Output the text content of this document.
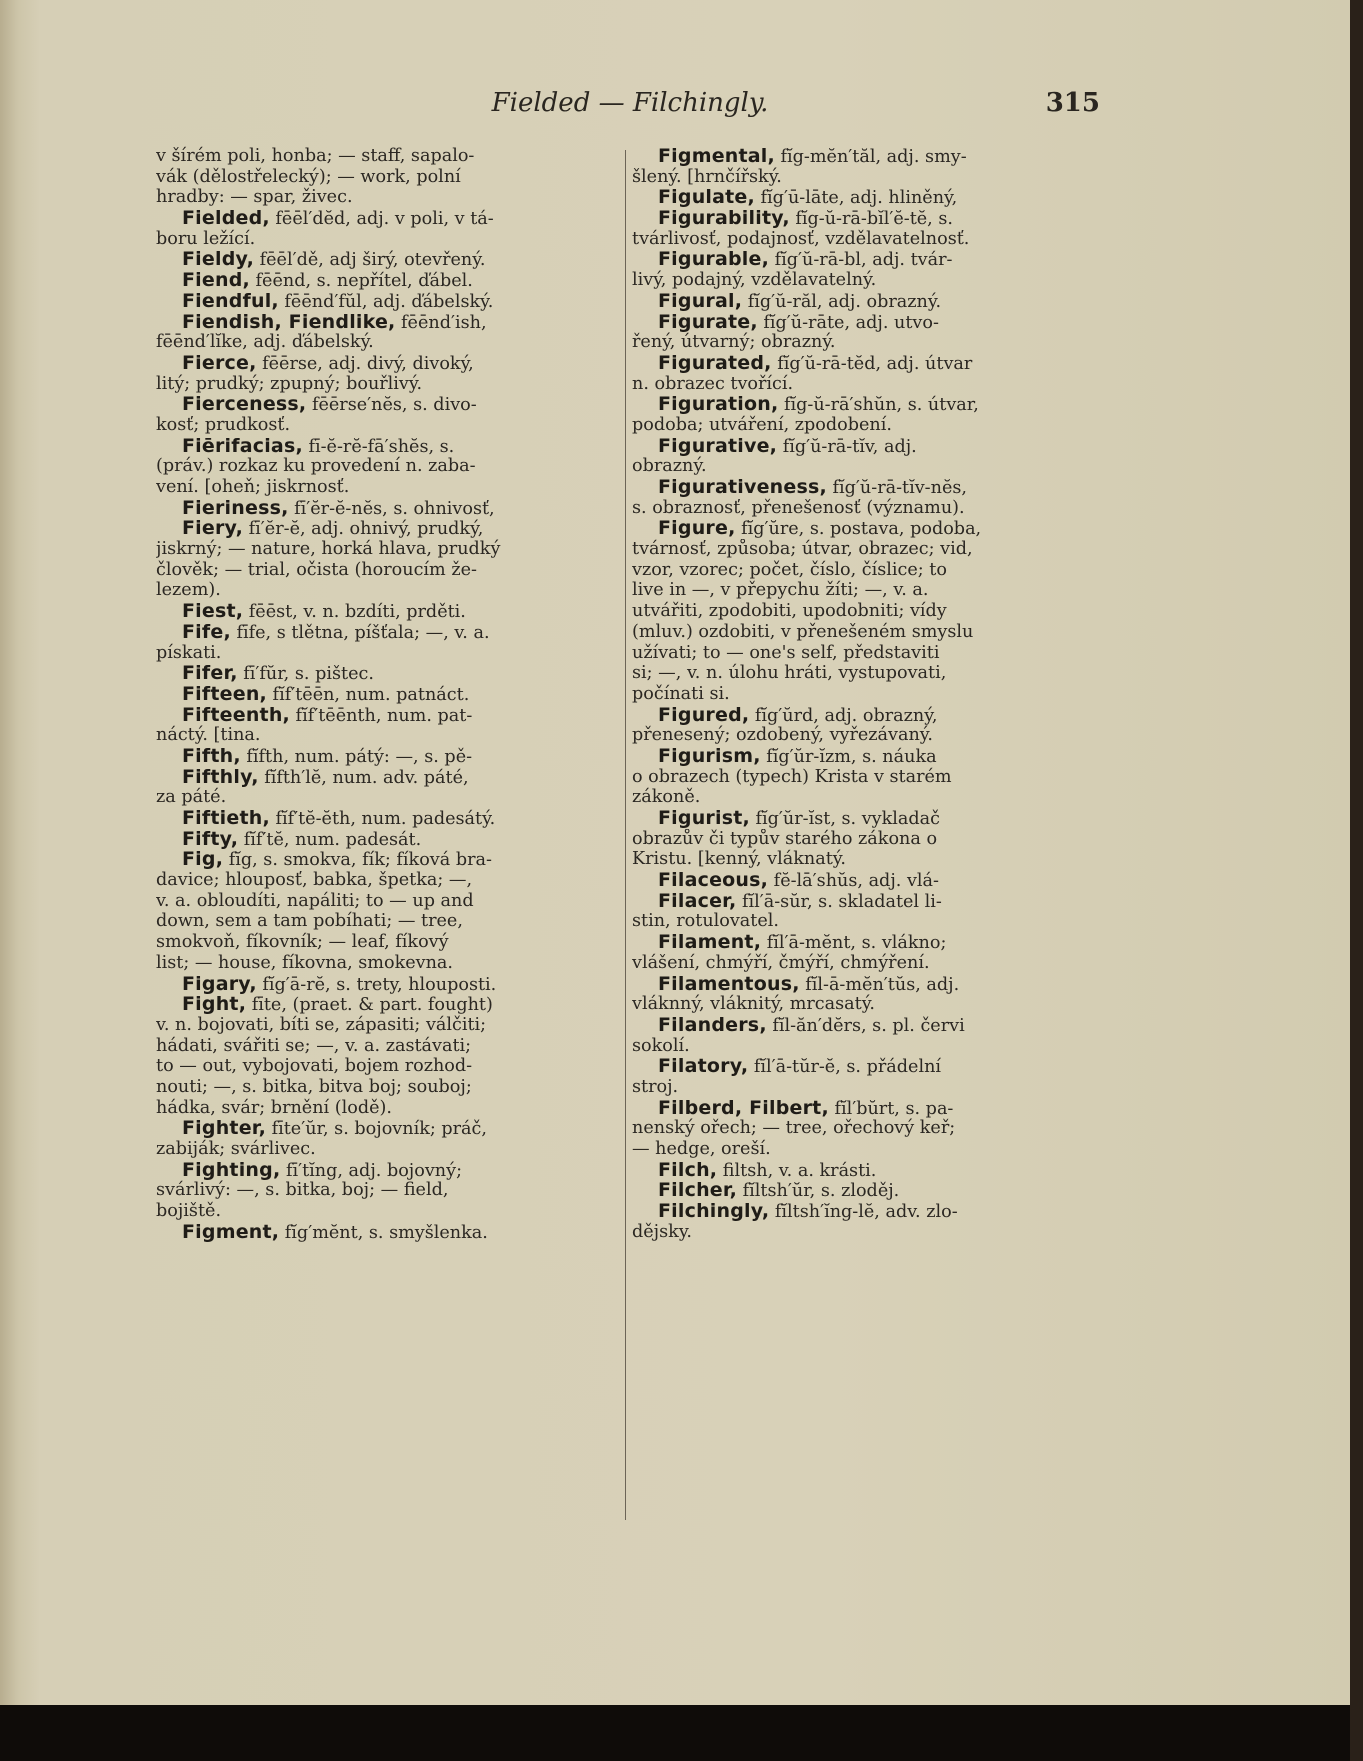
Fielded — Filchingly.	315
v šírém poli, honba; — staff, sapalo-
vák (dělostřelecký); — work, polní
hradby: — spar, živec.
Fielded, fēēl′dĕd, adj. v poli, v tá-
boru ležící.
Fieldy, fēēl′dě, adj širý, otevřený.
Fiend, fēēnd, s. nepřítel, ďábel.
Fiendful, fēēnd′fŭl, adj. ďábelský.
Fiendish, Fiendlike, fēēnd′ish,
fēēnd′lĭke, adj. ďábelský.
Fierce, fēērse, adj. divý, divoký,
litý; prudký; zpupný; bouřlivý.
Fierceness, fēērse′nĕs, s. divo-
kosť; prudkosť.
Fiērifacias, fī-ĕ-rĕ-fā′shĕs, s.
(práv.) rozkaz ku provedení n. zaba-
vení. [oheň; jiskrnosť.
Fieriness, fī′ĕr-ĕ-nĕs, s. ohnivosť,
Fiery, fī′ĕr-ĕ, adj. ohnivý, prudký,
jiskrný; — nature, horká hlava, prudký
člověk; — trial, očista (horoucím že-
lezem).
Fiest, fēēst, v. n. bzdíti, prděti.
Fife, fīfe, s tlětna, píšťala; —, v. a.
pískati.
Fifer, fī′fŭr, s. pištec.
Fifteen, fĭf′tēēn, num. patnáct.
Fifteenth, fĭf′tēēnth, num. pat-
náctý. [tina.
Fifth, fĭfth, num. pátý: —, s. pě-
Fifthly, fĭfth′lĕ, num. adv. páté,
za páté.
Fiftieth, fĭf′tĕ-ĕth, num. padesátý.
Fifty, fĭf′tĕ, num. padesát.
Fig, fĭg, s. smokva, fík; fíková bra-
davice; hlouposť, babka, špetka; —,
v. a. obloudíti, napáliti; to — up and
down, sem a tam pobíhati; — tree,
smokvoň, fíkovník; — leaf, fíkový
list; — house, fíkovna, smokevna.
Figary, fĭg′ā-rĕ, s. trety, hlouposti.
Fight, fīte, (praet. & part. fought)
v. n. bojovati, bíti se, zápasiti; válčiti;
hádati, svářiti se; —, v. a. zastávati;
to — out, vybojovati, bojem rozhod-
nouti; —, s. bitka, bitva boj; souboj;
hádka, svár; brnění (lodě).
Fighter, fīte′ŭr, s. bojovník; práč,
zabiják; svárlivec.
Fighting, fī′tĭng, adj. bojovný;
svárlivý: —, s. bitka, boj; — field,
bojiště.
Figment, fĭg′mĕnt, s. smyšlenka.
Figmental, fĭg-mĕn′tăl, adj. smy-
šlený. [hrnčířský.
Figulate, fĭg′ū-lāte, adj. hliněný,
Figurability, fĭg-ŭ-rā-bĭl′ĕ-tĕ, s.
tvárlivosť, podajnosť, vzdělavatelnosť.
Figurable, fĭg′ŭ-rā-bl, adj. tvár-
livý, podajný, vzdělavatelný.
Figural, fĭg′ŭ-răl, adj. obrazný.
Figurate, fĭg′ŭ-rāte, adj. utvo-
řený, útvarný; obrazný.
Figurated, fĭg′ŭ-rā-tĕd, adj. útvar
n. obrazec tvořící.
Figuration, fĭg-ŭ-rā′shŭn, s. útvar,
podoba; utváření, zpodobení.
Figurative, fĭg′ŭ-rā-tĭv, adj.
obrazný.
Figurativeness, fĭg′ŭ-rā-tĭv-nĕs,
s. obraznosť, přenešenosť (významu).
Figure, fĭg′ŭre, s. postava, podoba,
tvárnosť, způsoba; útvar, obrazec; vid,
vzor, vzorec; počet, číslo, číslice; to
live in —, v přepychu žíti; —, v. a.
utvářiti, zpodobiti, upodobniti; vídy
(mluv.) ozdobiti, v přenešeném smyslu
užívati; to — one's self, představiti
si; —, v. n. úlohu hráti, vystupovati,
počínati si.
Figured, fĭg′ŭrd, adj. obrazný,
přenesený; ozdobený, vyřezávaný.
Figurism, fĭg′ŭr-ĭzm, s. náuka
o obrazech (typech) Krista v starém
zákoně.
Figurist, fĭg′ŭr-ĭst, s. vykladač
obrazův či typův starého zákona o
Kristu. [kenný, vláknatý.
Filaceous, fĕ-lā′shŭs, adj. vlá-
Filacer, fĭl′ā-sŭr, s. skladatel li-
stin, rotulovatel.
Filament, fĭl′ā-mĕnt, s. vlákno;
vlášení, chmýří, čmýří, chmýření.
Filamentous, fĭl-ā-mĕn′tŭs, adj.
vláknný, vláknitý, mrcasatý.
Filanders, fĭl-ăn′dĕrs, s. pl. červi
sokolí.
Filatory, fĭl′ā-tŭr-ĕ, s. přádelní
stroj.
Filberd, Filbert, fĭl′bŭrt, s. pa-
nenský ořech; — tree, ořechový keř;
— hedge, oreší.
Filch, filtsh, v. a. krásti.
Filcher, fĭltsh′ŭr, s. zloděj.
Filchingly, fĭltsh′ĭng-lĕ, adv. zlo-
dějsky.
